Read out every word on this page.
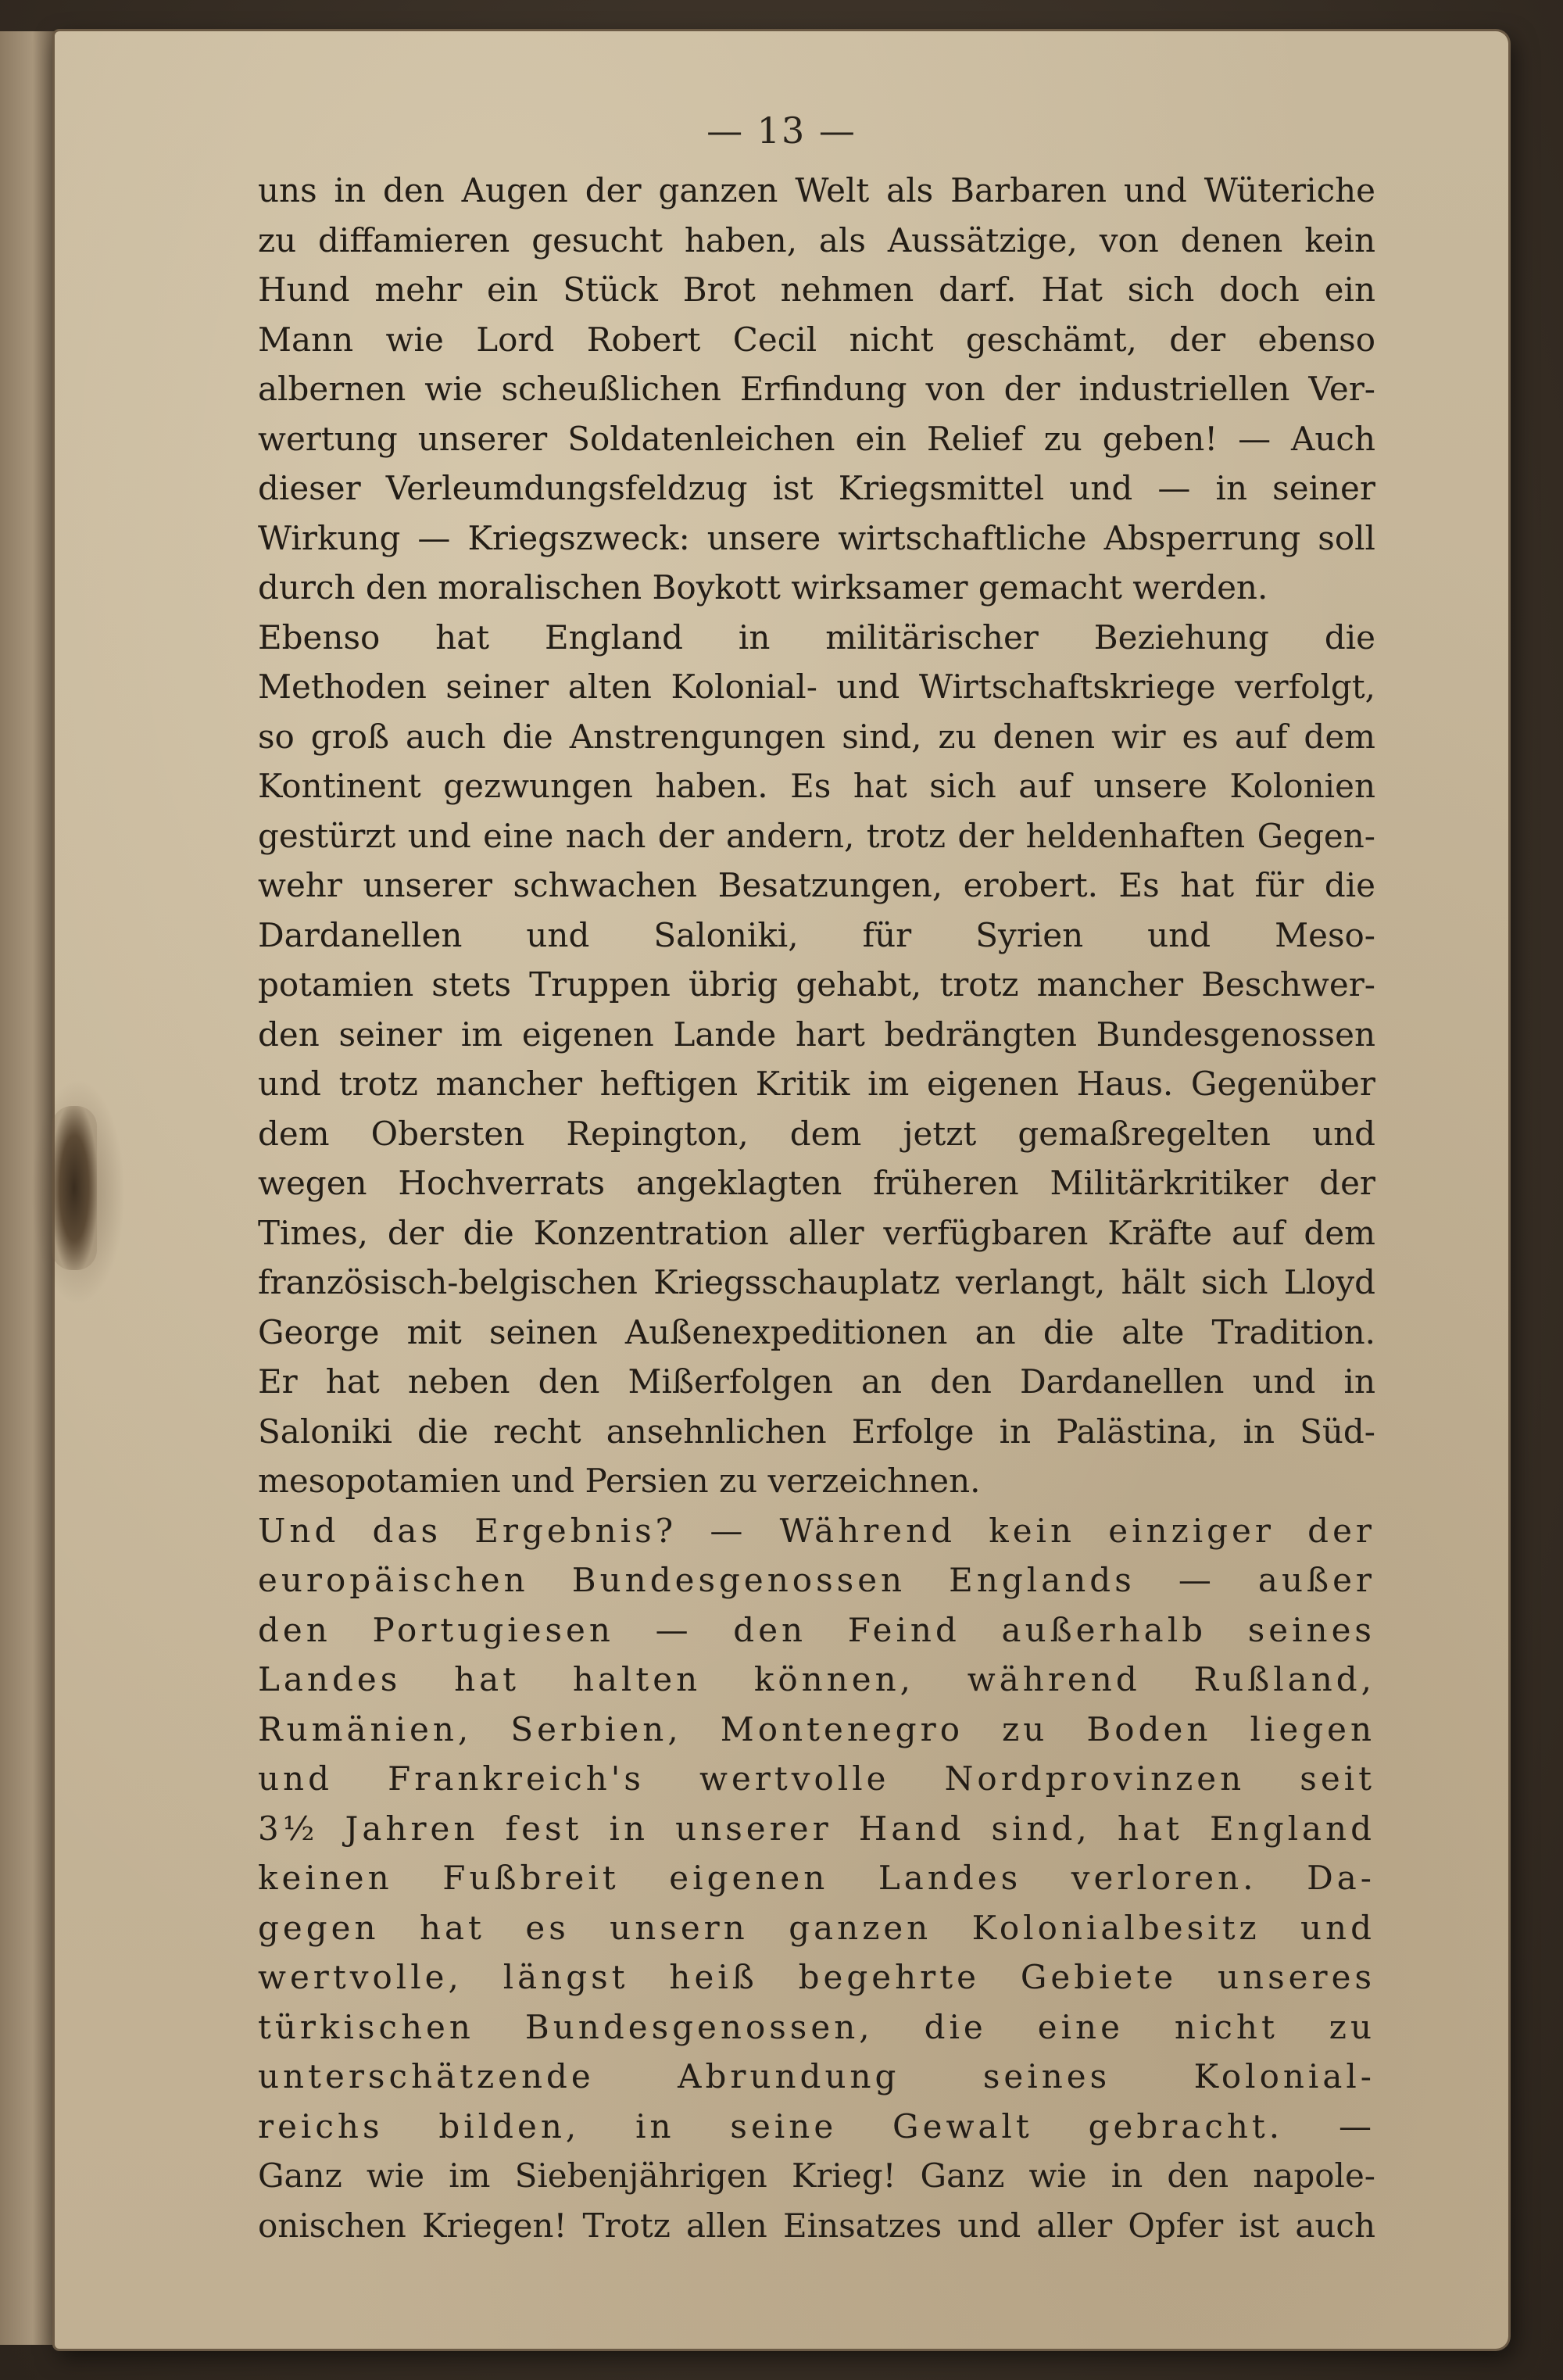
— 13 —
uns in den Augen der ganzen Welt als Barbaren und Wüteriche
zu diffamieren gesucht haben, als Aussätzige, von denen kein
Hund mehr ein Stück Brot nehmen darf. Hat sich doch ein
Mann wie Lord Robert Cecil nicht geschämt, der ebenso
albernen wie scheußlichen Erfindung von der industriellen Ver-
wertung unserer Soldatenleichen ein Relief zu geben! — Auch
dieser Verleumdungsfeldzug ist Kriegsmittel und — in seiner
Wirkung — Kriegszweck: unsere wirtschaftliche Absperrung soll
durch den moralischen Boykott wirksamer gemacht werden.
Ebenso hat England in militärischer Beziehung die
Methoden seiner alten Kolonial- und Wirtschaftskriege verfolgt,
so groß auch die Anstrengungen sind, zu denen wir es auf dem
Kontinent gezwungen haben. Es hat sich auf unsere Kolonien
gestürzt und eine nach der andern, trotz der heldenhaften Gegen-
wehr unserer schwachen Besatzungen, erobert. Es hat für die
Dardanellen und Saloniki, für Syrien und Meso-
potamien stets Truppen übrig gehabt, trotz mancher Beschwer-
den seiner im eigenen Lande hart bedrängten Bundesgenossen
und trotz mancher heftigen Kritik im eigenen Haus. Gegenüber
dem Obersten Repington, dem jetzt gemaßregelten und
wegen Hochverrats angeklagten früheren Militärkritiker der
Times, der die Konzentration aller verfügbaren Kräfte auf dem
französisch-belgischen Kriegsschauplatz verlangt, hält sich Lloyd
George mit seinen Außenexpeditionen an die alte Tradition.
Er hat neben den Mißerfolgen an den Dardanellen und in
Saloniki die recht ansehnlichen Erfolge in Palästina, in Süd-
mesopotamien und Persien zu verzeichnen.
Und das Ergebnis? — Während kein einziger der
europäischen Bundesgenossen Englands — außer
den Portugiesen — den Feind außerhalb seines
Landes hat halten können, während Rußland,
Rumänien, Serbien, Montenegro zu Boden liegen
und Frankreich's wertvolle Nordprovinzen seit
3½ Jahren fest in unserer Hand sind, hat England
keinen Fußbreit eigenen Landes verloren. Da-
gegen hat es unsern ganzen Kolonialbesitz und
wertvolle, längst heiß begehrte Gebiete unseres
türkischen Bundesgenossen, die eine nicht zu
unterschätzende Abrundung seines Kolonial-
reichs bilden, in seine Gewalt gebracht. —
Ganz wie im Siebenjährigen Krieg! Ganz wie in den napole-
onischen Kriegen! Trotz allen Einsatzes und aller Opfer ist auch
